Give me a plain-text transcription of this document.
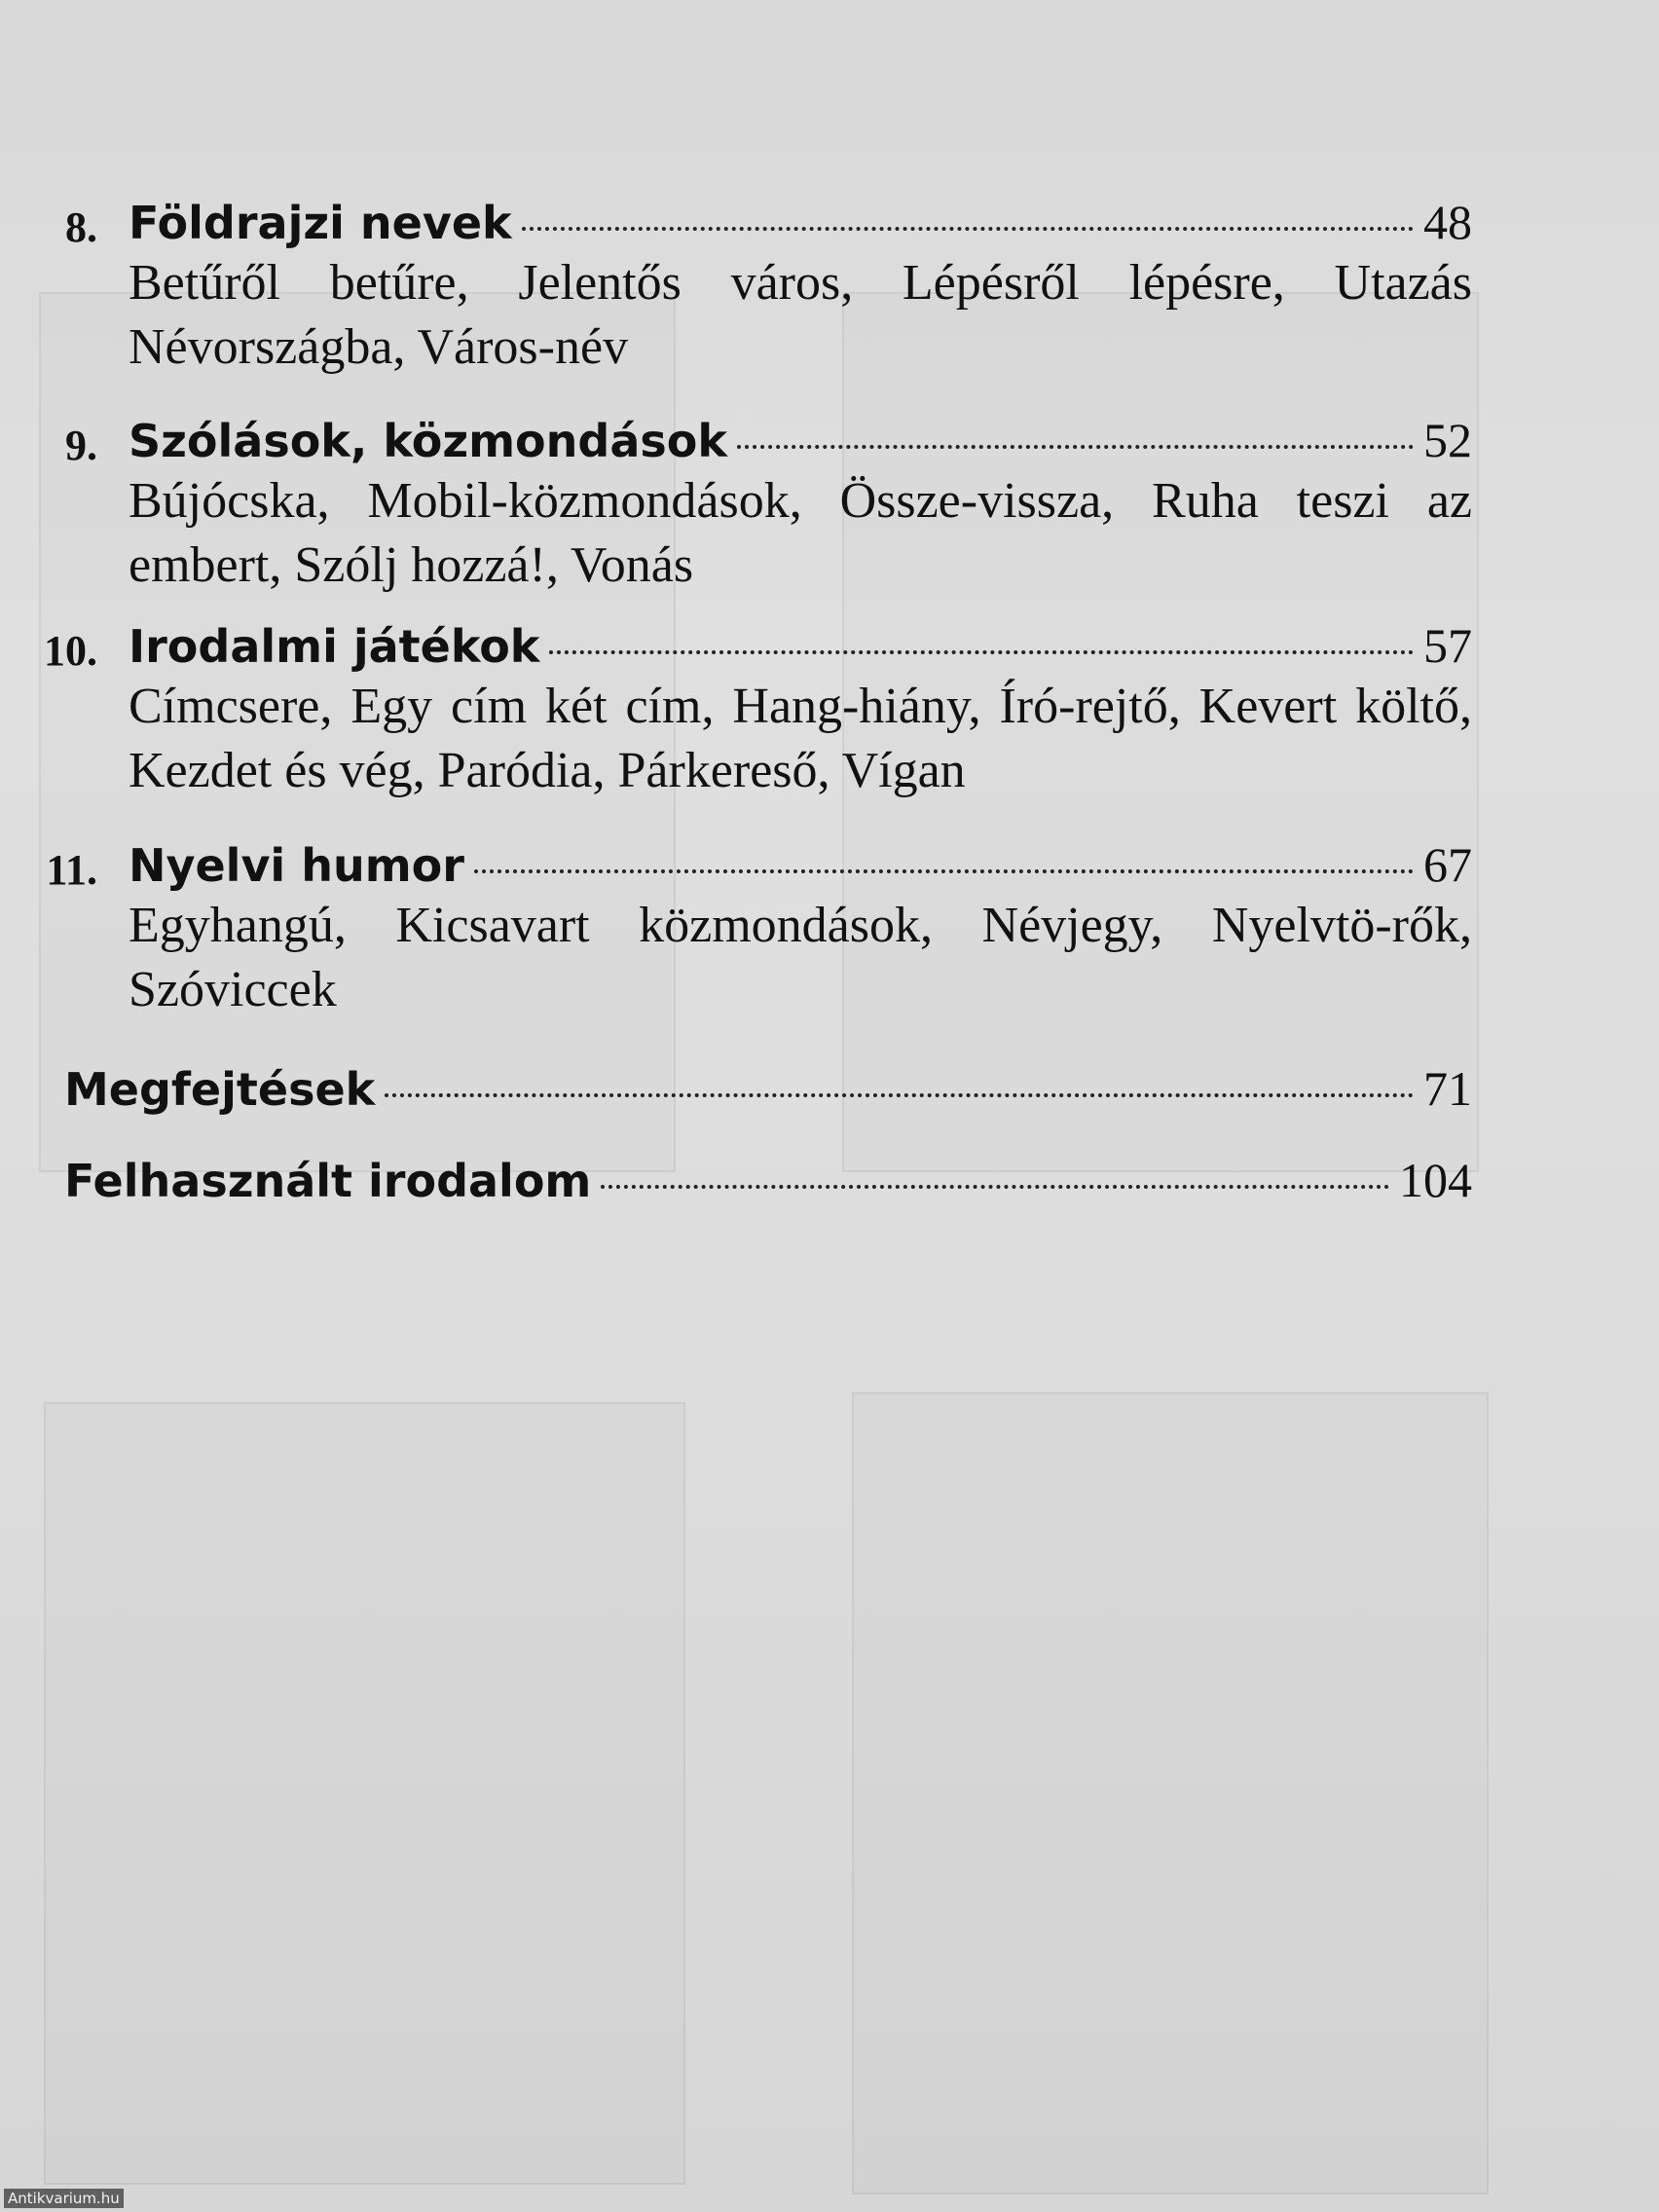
8. Földrajzi nevek	48
Betűről betűre, Jelentős város, Lépésről lépésre, Utazás Névországba, Város-név
9. Szólások, közmondások	52
Bújócska, Mobil-közmondások, Össze-vissza, Ruha teszi az embert, Szólj hozzá!, Vonás
10. Irodalmi játékok	57
Címcsere, Egy cím két cím, Hang-hiány, Író-rejtő, Kevert költő, Kezdet és vég, Paródia, Párkereső, Vígan
11. Nyelvi humor	67
Egyhangú, Kicsavart közmondások, Névjegy, Nyelvtö-rők, Szóviccek
Megfejtések	71
Felhasznált irodalom	104
Antikvarium.hu
